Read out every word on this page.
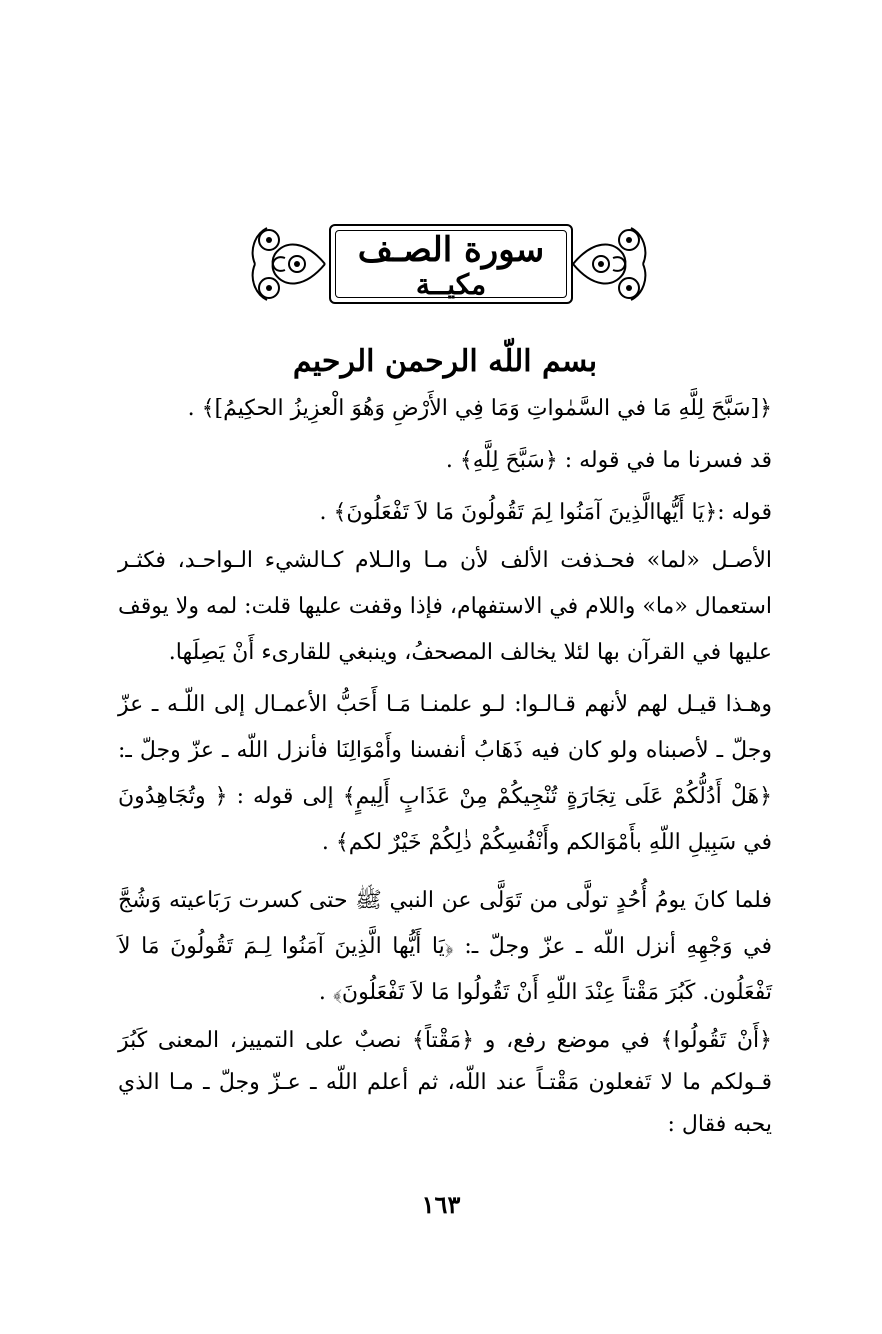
سورة الصـف
مكيــة
بسم اللّه الرحمن الرحيم
﴿[سَبَّحَ لِلَّهِ مَا في السَّمٰواتِ وَمَا فِي الأَرْضِ وَهُوَ الْعزِيزُ الحكِيمُ]﴾ .
قد فسرنا ما في قوله : ﴿سَبَّحَ لِلَّهِ﴾ .
قوله :﴿يَا أَيُّهاالَّذِينَ آمَنُوا لِمَ تَقُولُونَ مَا لاَ تَفْعَلُونَ﴾ .
الأصـل «لما» فحـذفت الألف لأن مـا والـلام كـالشيء الـواحـد، فكثـر استعمال «ما» واللام في الاستفهام، فإذا وقفت عليها قلت: لمه ولا يوقف عليها في القرآن بها لئلا يخالف المصحفُ، وينبغي للقارىء أَنْ يَصِلَها.
وهـذا قيـل لهم لأنهم قـالـوا: لـو علمنـا مَـا أَحَبُّ الأعمـال إلى اللّـه ـ عزّ وجلّ ـ لأصبناه ولو كان فيه ذَهَابُ أنفسنا وأَمْوَالِنَا فأنزل اللّه ـ عزّ وجلّ ـ: ﴿هَلْ أَدُلُّكُمْ عَلَى تِجَارَةٍ تُنْجِيكُمْ مِنْ عَذَابٍ أَلِيمٍ﴾ إلى قوله : ﴿ وتُجَاهِدُونَ في سَبِيلِ اللّهِ بأَمْوَالكم وأَنْفُسِكُمْ ذٰلِكُمْ خَيْرٌ لكم﴾ .
فلما كانَ يومُ أُحُدٍ تولَّى من تَوَلَّى عن النبي ﷺ حتى كسرت رَبَاعيته وَشُجَّ في وَجْهِهِ أنزل اللّه ـ عزّ وجلّ ـ: ﴿يَا أَيُّها الَّذِينَ آمَنُوا لِـمَ تَقُولُونَ مَا لاَ تَفْعَلُون. كَبُرَ مَقْتاً عِنْدَ اللّهِ أَنْ تَقُولُوا مَا لاَ تَفْعَلُونَ﴾ .
﴿أَنْ تَقُولُوا﴾ في موضع رفع، و ﴿مَقْتاً﴾ نصبٌ على التمييز، المعنى كَبُرَ قـولكم ما لا تَفعلون مَقْتـاً عند اللّه، ثم أعلم اللّه ـ عـزّ وجلّ ـ مـا الذي يحبه فقال :
١٦٣
